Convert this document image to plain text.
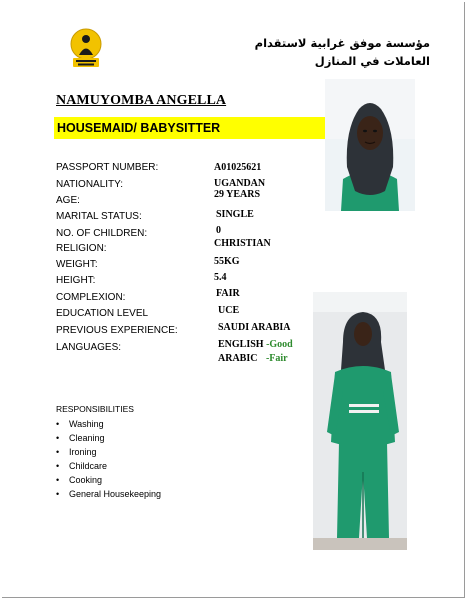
مؤسسة موفق غرابية لاستقدام العاملات في المنازل
NAMUYOMBA ANGELLA
HOUSEMAID/ BABYSITTER
PASSPORT NUMBER:
NATIONALITY:
AGE:
MARITAL STATUS:
NO. OF CHILDREN:
RELIGION:
WEIGHT:
HEIGHT:
COMPLEXION:
EDUCATION LEVEL
PREVIOUS EXPERIENCE:
LANGUAGES:
A01025621
UGANDAN
29 YEARS
SINGLE
0
CHRISTIAN
55KG
5.4
FAIR
UCE
SAUDI ARABIA
ENGLISH -Good
ARABIC -Fair
RESPONSIBILITIES
• Washing
• Cleaning
• Ironing
• Childcare
• Cooking
• General Housekeeping
